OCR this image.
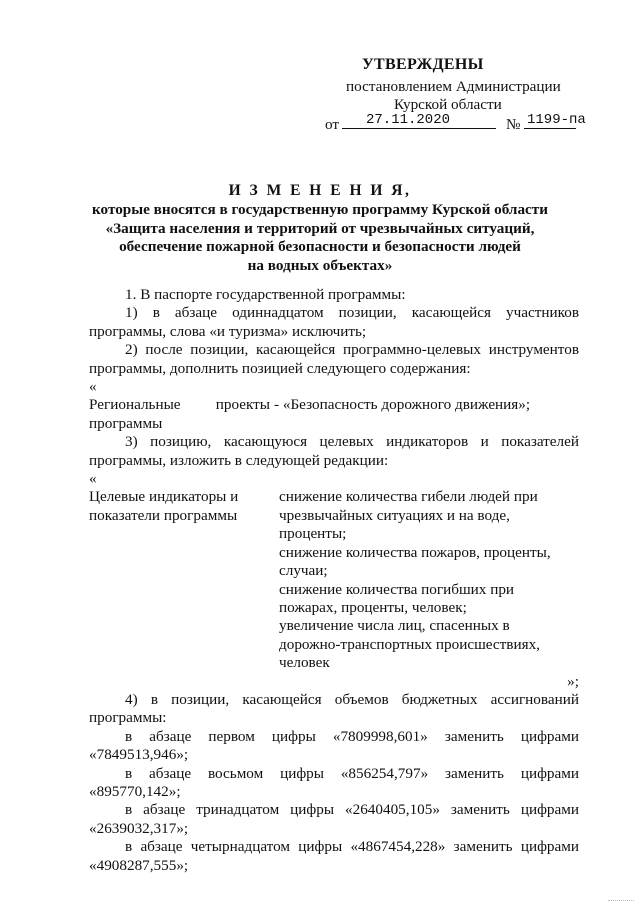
УТВЕРЖДЕНЫ
постановлением Администрации
Курской области
от 27.11.2020	№ 1199-па
И З М Е Н Е Н И Я,
которые вносятся в государственную программу Курской области
«Защита населения и территорий от чрезвычайных ситуаций,
обеспечение пожарной безопасности и безопасности людей
на водных объектах»
1. В паспорте государственной программы:
1) в абзаце одиннадцатом позиции, касающейся участников
программы, слова «и туризма» исключить;
2) после позиции, касающейся программно-целевых инструментов
программы, дополнить позицией следующего содержания:
«
Региональные проекты - «Безопасность дорожного движения»;
программы
3) позицию, касающуюся целевых индикаторов и показателей
программы, изложить в следующей редакции:
«
Целевые индикаторы и
показатели программы
снижение количества гибели людей при
чрезвычайных ситуациях и на воде,
проценты;
снижение количества пожаров, проценты,
случаи;
снижение количества погибших при
пожарах, проценты, человек;
увеличение числа лиц, спасенных в
дорожно-транспортных происшествиях,
человек
»;
4) в позиции, касающейся объемов бюджетных ассигнований
программы:
в абзаце первом цифры «7809998,601» заменить цифрами
«7849513,946»;
в абзаце восьмом цифры «856254,797» заменить цифрами
«895770,142»;
в абзаце тринадцатом цифры «2640405,105» заменить цифрами
«2639032,317»;
в абзаце четырнадцатом цифры «4867454,228» заменить цифрами
«4908287,555»;
